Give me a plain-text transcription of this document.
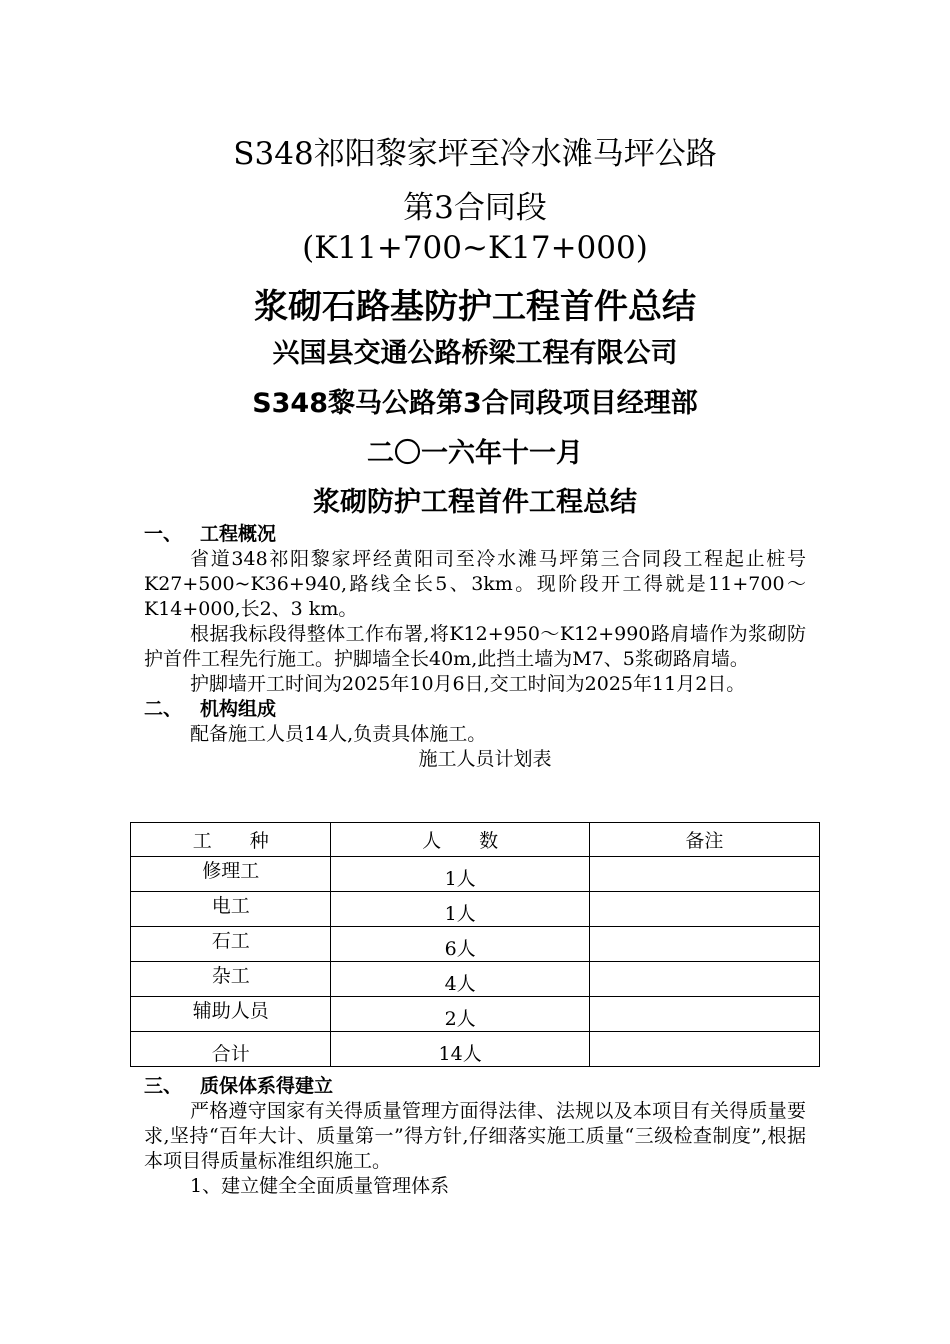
S348祁阳黎家坪至冷水滩马坪公路
第3合同段
(K11+700~K17+000)
浆砌石路基防护工程首件总结
兴国县交通公路桥梁工程有限公司
S348黎马公路第3合同段项目经理部
二〇一六年十一月
浆砌防护工程首件工程总结

一、 工程概况

省道348祁阳黎家坪经黄阳司至冷水滩马坪第三合同段工程起止桩号K27+500~K36+940,路线全长5、3km。现阶段开工得就是11+700～K14+000,长2、3 km。

根据我标段得整体工作布署,将K12+950～K12+990路肩墙作为浆砌防护首件工程先行施工。护脚墙全长40m,此挡土墙为M7、5浆砌路肩墙。

护脚墙开工时间为2025年10月6日,交工时间为2025年11月2日。

二、 机构组成

配备施工人员14人,负责具体施工。

施工人员计划表

工　　种	人　　数	备注
修理工	1人	
电工	1人	
石工	6人	
杂工	4人	
辅助人员	2人	
合计	14人	

三、 质保体系得建立

严格遵守国家有关得质量管理方面得法律、法规以及本项目有关得质量要求,坚持“百年大计、质量第一”得方针,仔细落实施工质量“三级检查制度”,根据本项目得质量标准组织施工。

1、建立健全全面质量管理体系
